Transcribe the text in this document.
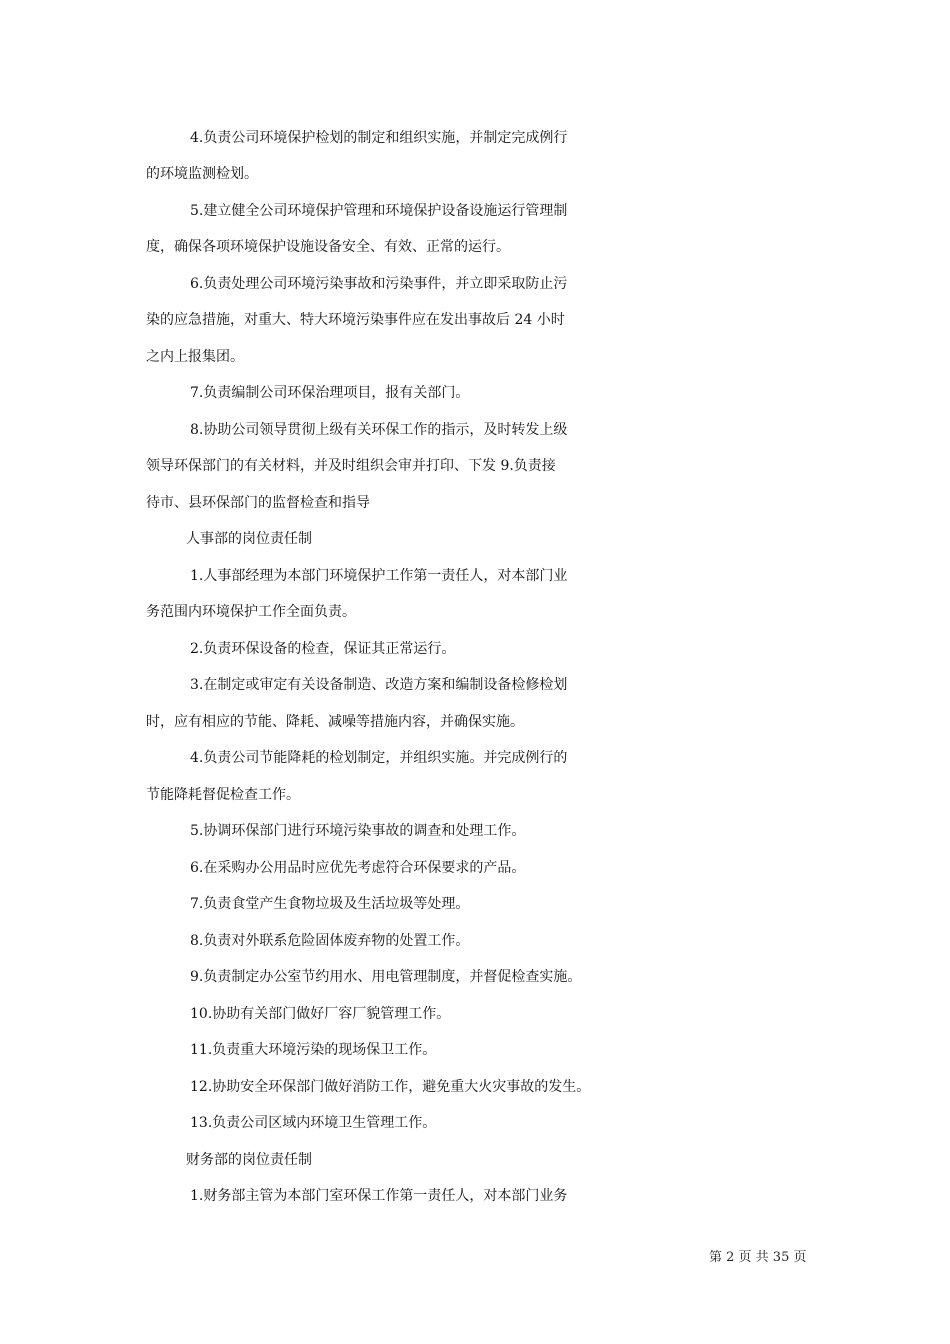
4.负责公司环境保护检划的制定和组织实施，并制定完成例行
的环境监测检划。
5.建立健全公司环境保护管理和环境保护设备设施运行管理制
度，确保各项环境保护设施设备安全、有效、正常的运行。
6.负责处理公司环境污染事故和污染事件，并立即采取防止污
染的应急措施，对重大、特大环境污染事件应在发出事故后 24 小时
之内上报集团。
7.负责编制公司环保治理项目，报有关部门。
8.协助公司领导贯彻上级有关环保工作的指示，及时转发上级
领导环保部门的有关材料，并及时组织会审并打印、下发 9.负责接
待市、县环保部门的监督检查和指导
人事部的岗位责任制
1.人事部经理为本部门环境保护工作第一责任人，对本部门业
务范围内环境保护工作全面负责。
2.负责环保设备的检查，保证其正常运行。
3.在制定或审定有关设备制造、改造方案和编制设备检修检划
时，应有相应的节能、降耗、减噪等措施内容，并确保实施。
4.负责公司节能降耗的检划制定，并组织实施。并完成例行的
节能降耗督促检查工作。
5.协调环保部门进行环境污染事故的调查和处理工作。
6.在采购办公用品时应优先考虑符合环保要求的产品。
7.负责食堂产生食物垃圾及生活垃圾等处理。
8.负责对外联系危险固体废弃物的处置工作。
9.负责制定办公室节约用水、用电管理制度，并督促检查实施。
10.协助有关部门做好厂容厂貌管理工作。
11.负责重大环境污染的现场保卫工作。
12.协助安全环保部门做好消防工作，避免重大火灾事故的发生。
13.负责公司区域内环境卫生管理工作。
财务部的岗位责任制
1.财务部主管为本部门室环保工作第一责任人，对本部门业务
第 2 页 共 35 页
